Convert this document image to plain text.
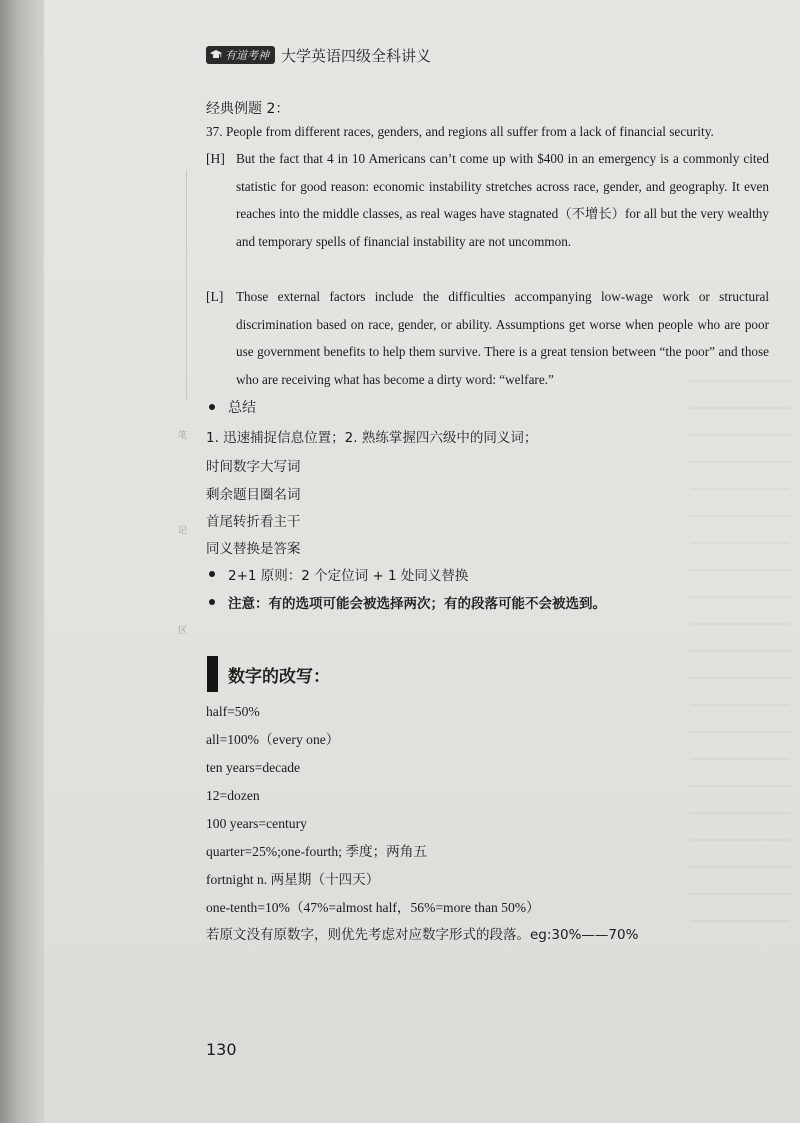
有道考神 大学英语四级全科讲义
经典例题 2：
37. People from different races, genders, and regions all suffer from a lack of financial security.
[H] But the fact that 4 in 10 Americans can’t come up with $400 in an emergency is a commonly cited statistic for good reason: economic instability stretches across race, gender, and geography. It even reaches into the middle classes, as real wages have stagnated（不增长）for all but the very wealthy and temporary spells of financial instability are not uncommon.
[L] Those external factors include the difficulties accompanying low-wage work or structural discrimination based on race, gender, or ability. Assumptions get worse when people who are poor use government benefits to help them survive. There is a great tension between “the poor” and those who are receiving what has become a dirty word: “welfare.”
总结
笔
记
区
1. 迅速捕捉信息位置；2. 熟练掌握四六级中的同义词；
时间数字大写词
剩余题目圈名词
首尾转折看主干
同义替换是答案
2+1 原则：2 个定位词 + 1 处同义替换
注意：有的选项可能会被选择两次；有的段落可能不会被选到。
数字的改写：
half=50%
all=100%（every one）
ten years=decade
12=dozen
100 years=century
quarter=25%;one-fourth; 季度；两角五
fortnight n. 两星期（十四天）
one-tenth=10%（47%=almost half，56%=more than 50%）
若原文没有原数字，则优先考虑对应数字形式的段落。eg:30%——70%
130
